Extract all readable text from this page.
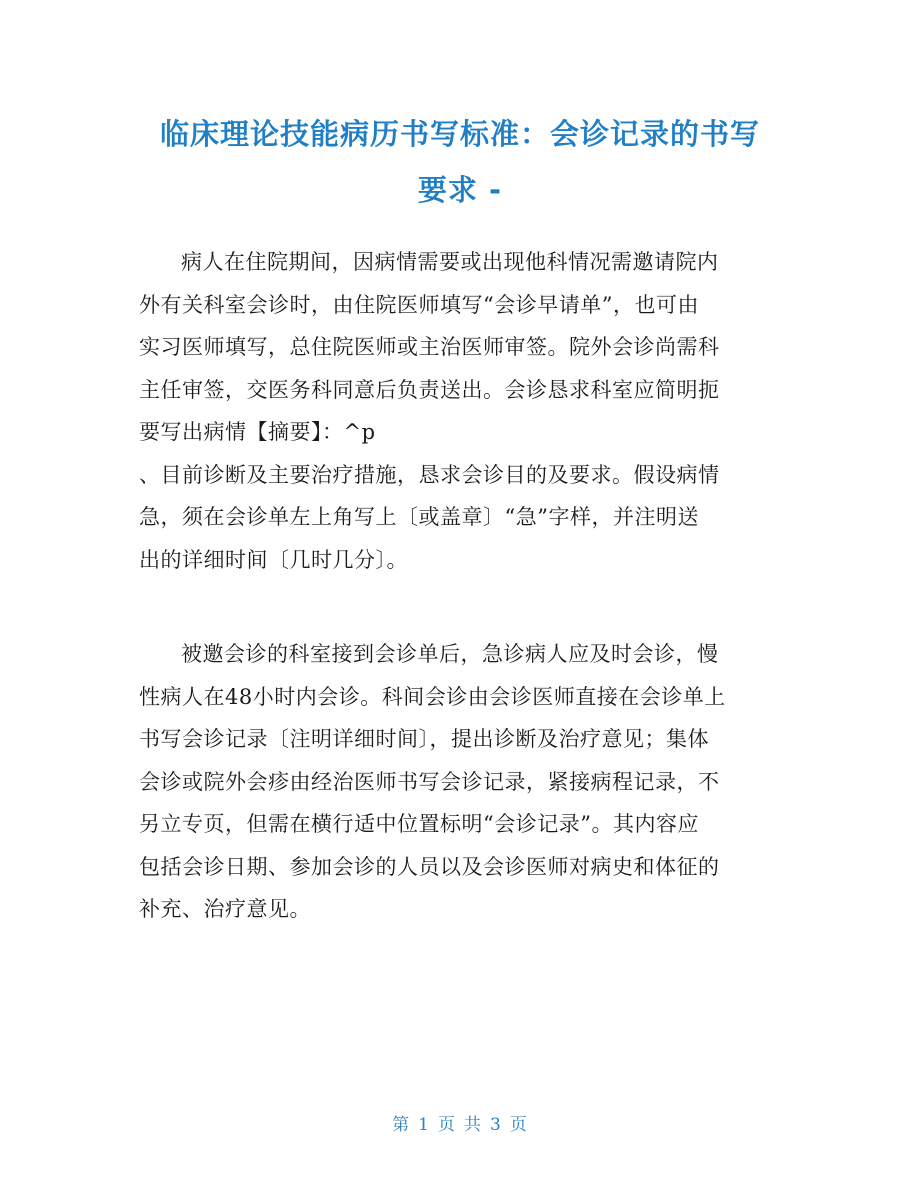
临床理论技能病历书写标准：会诊记录的书写
要求 -
病人在住院期间，因病情需要或出现他科情况需邀请院内
外有关科室会诊时，由住院医师填写“会诊早请单”，也可由
实习医师填写，总住院医师或主治医师审签。院外会诊尚需科
主任审签，交医务科同意后负责送出。会诊恳求科室应简明扼
要写出病情【摘要】：^p
、目前诊断及主要治疗措施，恳求会诊目的及要求。假设病情
急，须在会诊单左上角写上〔或盖章〕“急”字样，并注明送
出的详细时间〔几时几分〕。
被邀会诊的科室接到会诊单后，急诊病人应及时会诊，慢
性病人在48小时内会诊。科间会诊由会诊医师直接在会诊单上
书写会诊记录〔注明详细时间〕，提出诊断及治疗意见；集体
会诊或院外会疹由经治医师书写会诊记录，紧接病程记录，不
另立专页，但需在横行适中位置标明“会诊记录”。其内容应
包括会诊日期、参加会诊的人员以及会诊医师对病史和体征的
补充、治疗意见。
第 1 页 共 3 页
